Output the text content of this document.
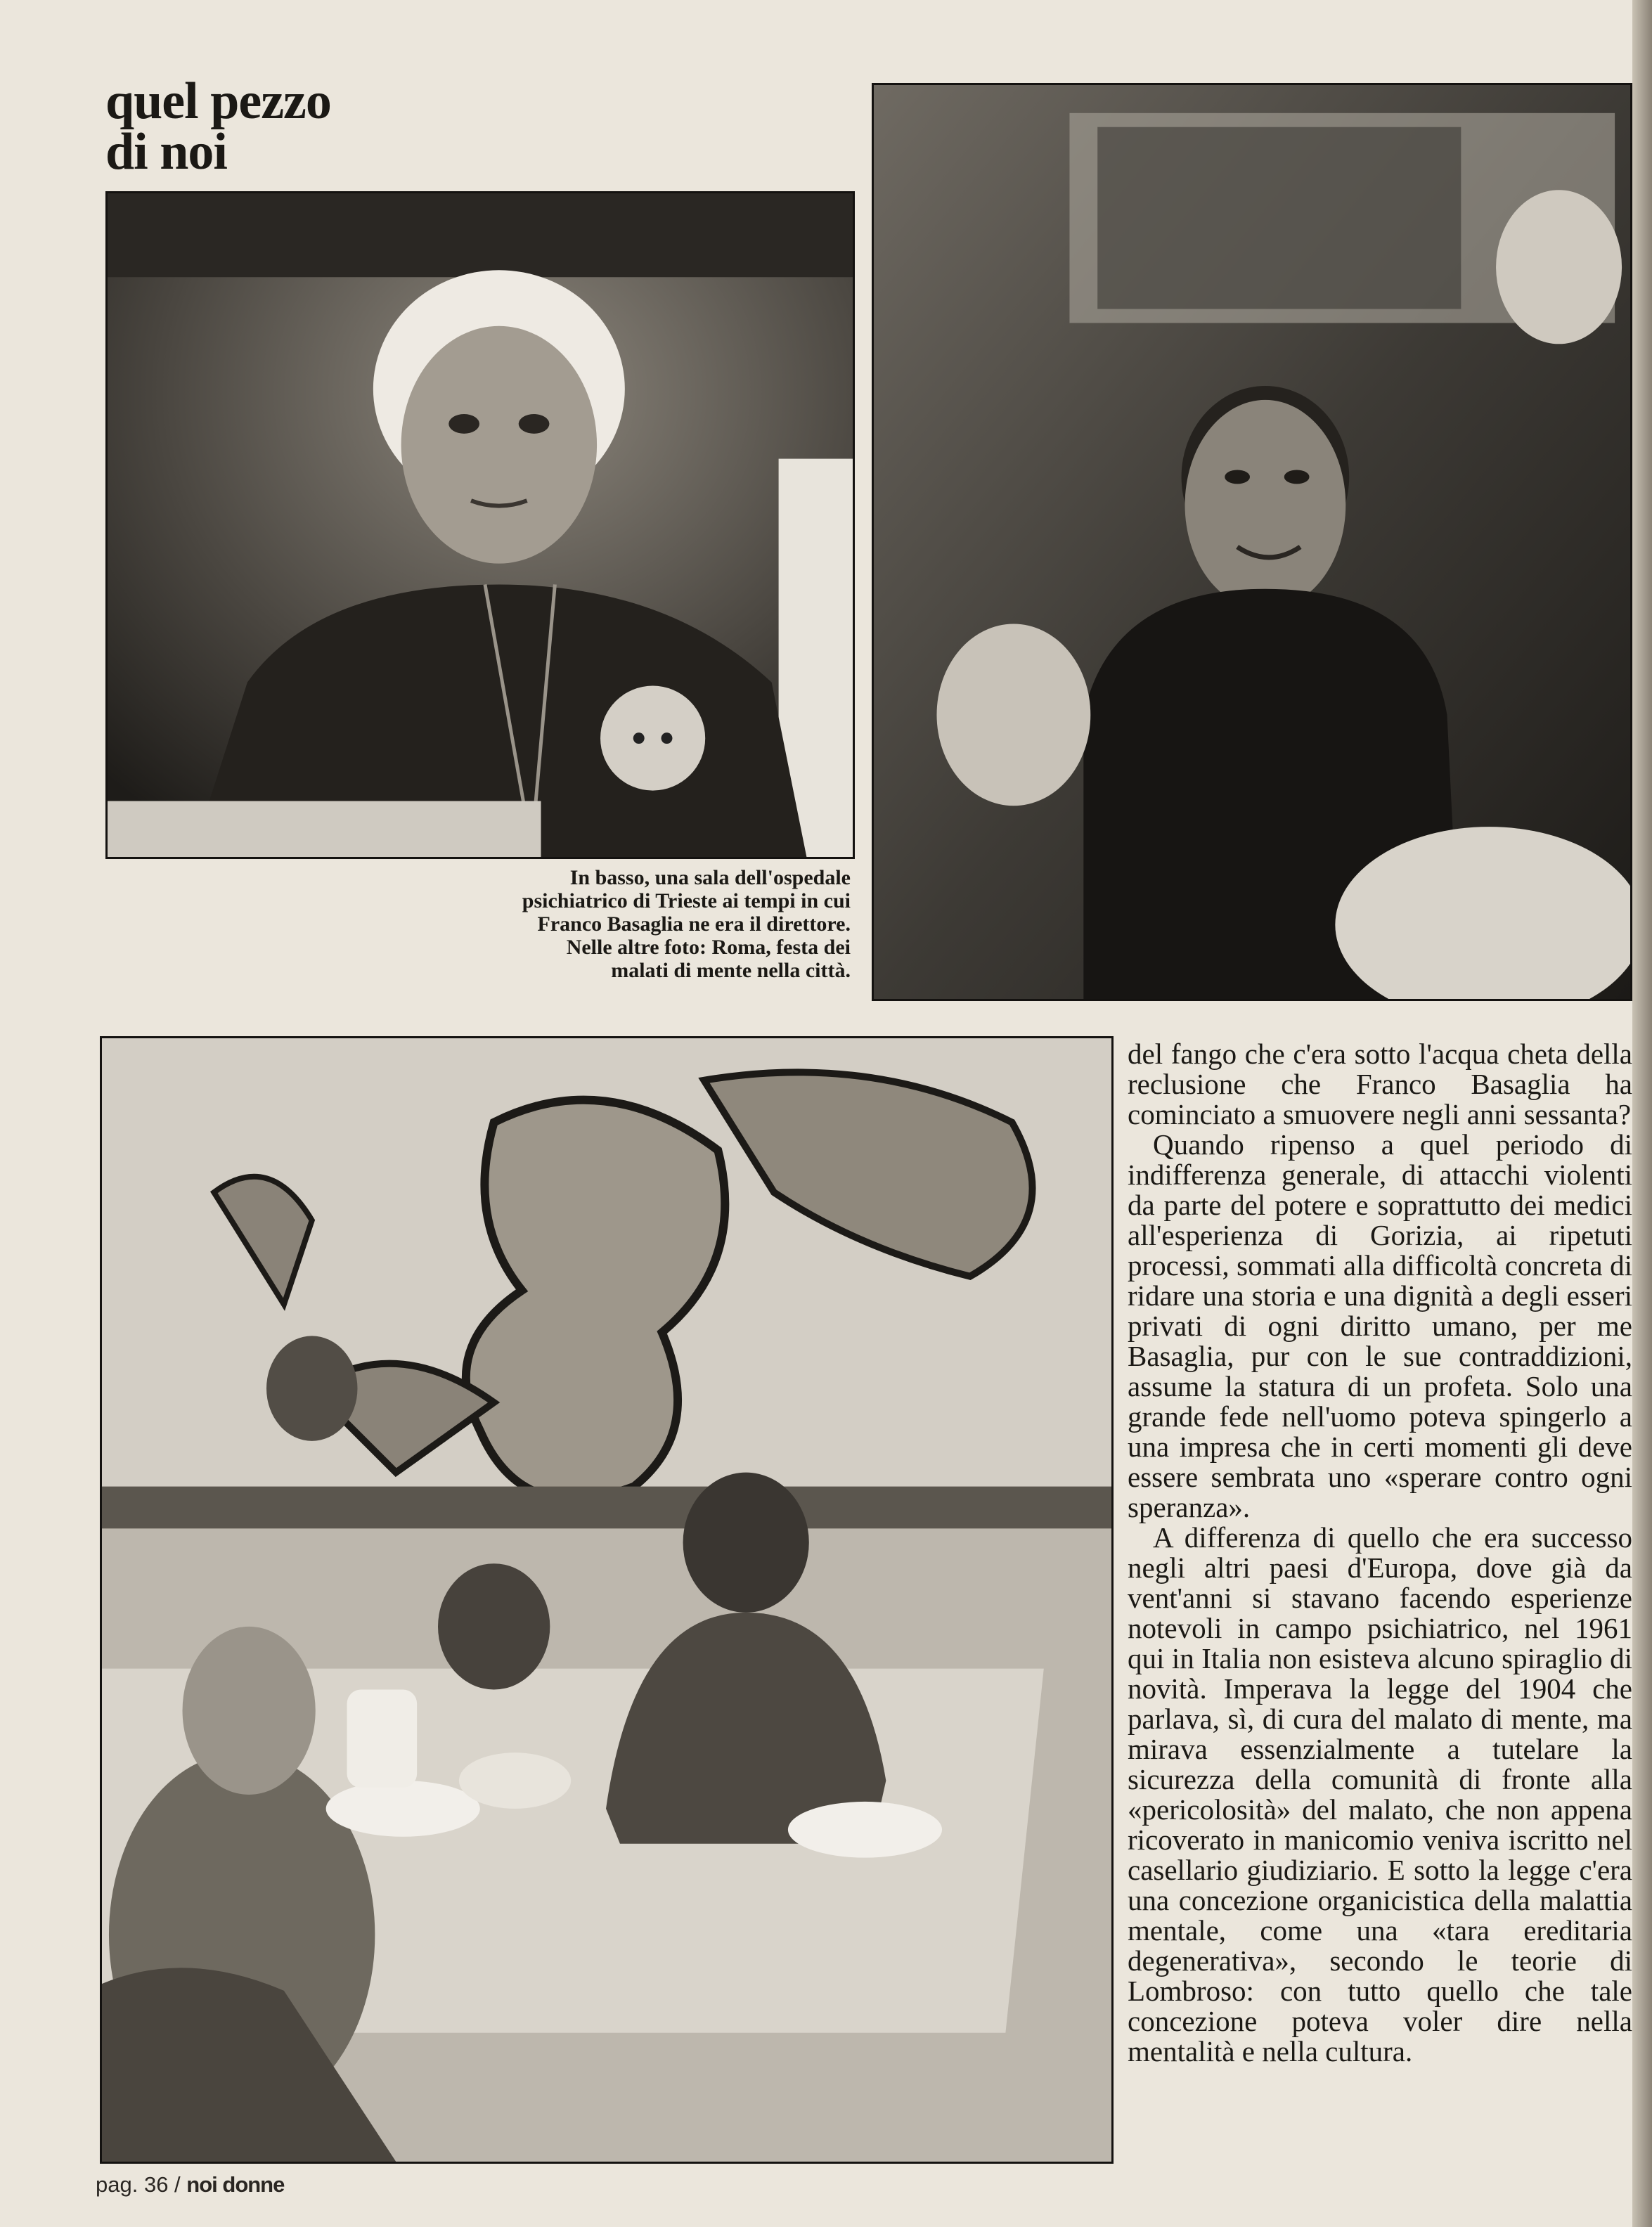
quel pezzo
di noi
In basso, una sala dell'ospedale psichiatrico di Trieste ai tempi in cui Franco Basaglia ne era il direttore. Nelle altre foto: Roma, festa dei malati di mente nella città.

del fango che c'era sotto l'acqua cheta della reclusione che Franco Basaglia ha cominciato a smuovere negli anni sessanta?

Quando ripenso a quel periodo di indifferenza generale, di attacchi violenti da parte del potere e soprattutto dei medici all'esperienza di Gorizia, ai ripetuti processi, sommati alla difficoltà concreta di ridare una storia e una dignità a degli esseri privati di ogni diritto umano, per me Basaglia, pur con le sue contraddizioni, assume la statura di un profeta. Solo una grande fede nell'uomo poteva spingerlo a una impresa che in certi momenti gli deve essere sembrata uno «sperare contro ogni speranza».

A differenza di quello che era successo negli altri paesi d'Europa, dove già da vent'anni si stavano facendo esperienze notevoli in campo psichiatrico, nel 1961 qui in Italia non esisteva alcuno spiraglio di novità. Imperava la legge del 1904 che parlava, sì, di cura del malato di mente, ma mirava essenzialmente a tutelare la sicurezza della comunità di fronte alla «pericolosità» del malato, che non appena ricoverato in manicomio veniva iscritto nel casellario giudiziario. E sotto la legge c'era una concezione organicistica della malattia mentale, come una «tara ereditaria degenerativa», secondo le teorie di Lombroso: con tutto quello che tale concezione poteva voler dire nella mentalità e nella cultura.

pag. 36 / noi donne
